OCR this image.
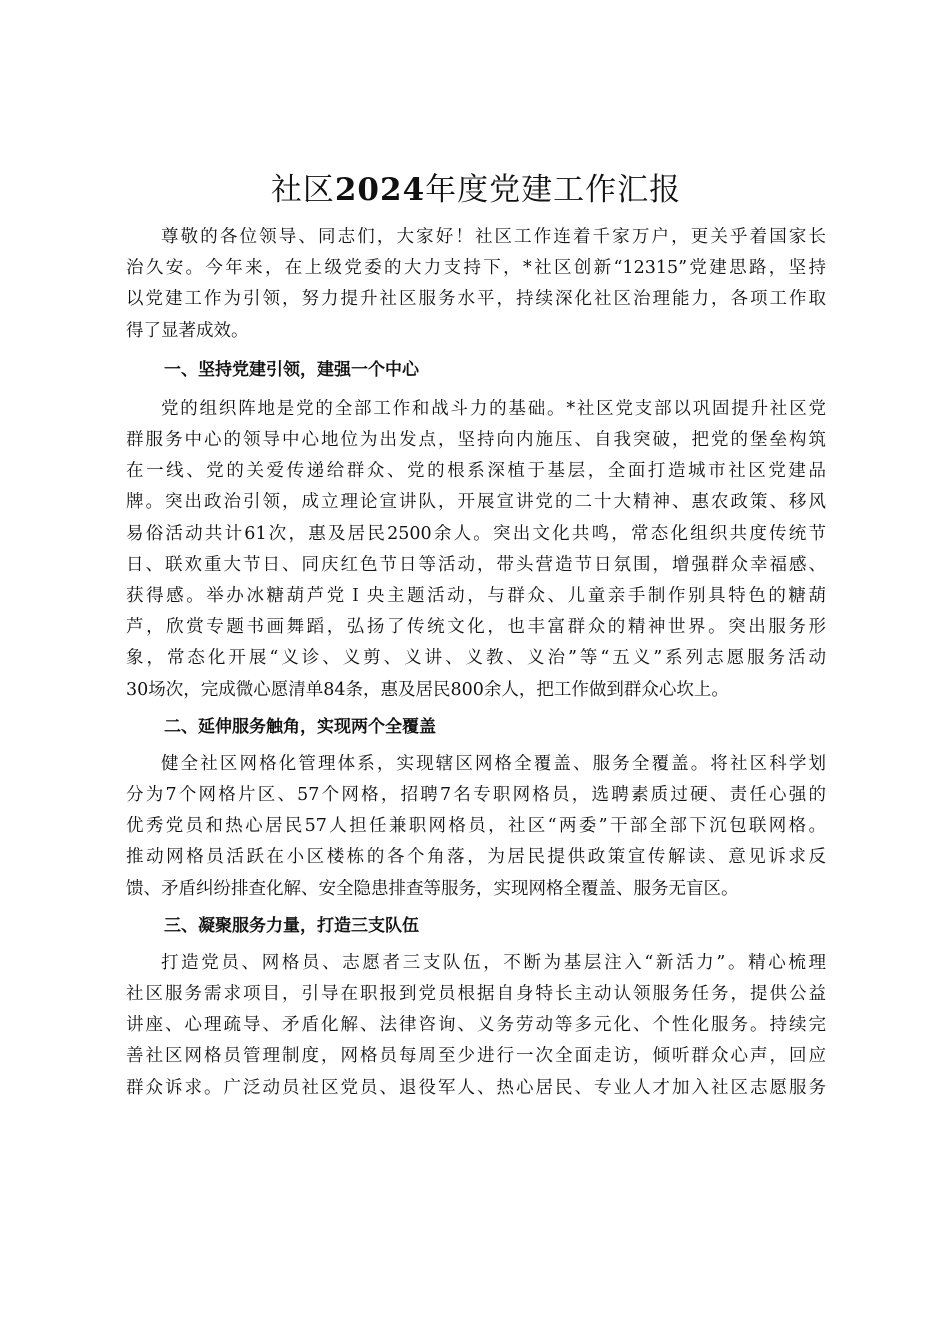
社区2024年度党建工作汇报

尊敬的各位领导、同志们，大家好！社区工作连着千家万户，更关乎着国家长
治久安。今年来，在上级党委的大力支持下，*社区创新“12315”党建思路，坚持
以党建工作为引领，努力提升社区服务水平，持续深化社区治理能力，各项工作取
得了显著成效。

一、坚持党建引领，建强一个中心

党的组织阵地是党的全部工作和战斗力的基础。*社区党支部以巩固提升社区党
群服务中心的领导中心地位为出发点，坚持向内施压、自我突破，把党的堡垒构筑
在一线、党的关爱传递给群众、党的根系深植于基层，全面打造城市社区党建品
牌。突出政治引领，成立理论宣讲队，开展宣讲党的二十大精神、惠农政策、移风
易俗活动共计61次，惠及居民2500余人。突出文化共鸣，常态化组织共度传统节
日、联欢重大节日、同庆红色节日等活动，带头营造节日氛围，增强群众幸福感、
获得感。举办冰糖葫芦党Ｉ央主题活动，与群众、儿童亲手制作别具特色的糖葫
芦，欣赏专题书画舞蹈，弘扬了传统文化，也丰富群众的精神世界。突出服务形
象，常态化开展“义诊、义剪、义讲、义教、义治”等“五义”系列志愿服务活动
30场次，完成微心愿清单84条，惠及居民800余人，把工作做到群众心坎上。

二、延伸服务触角，实现两个全覆盖

健全社区网格化管理体系，实现辖区网格全覆盖、服务全覆盖。将社区科学划
分为7个网格片区、57个网格，招聘7名专职网格员，选聘素质过硬、责任心强的
优秀党员和热心居民57人担任兼职网格员，社区“两委”干部全部下沉包联网格。
推动网格员活跃在小区楼栋的各个角落，为居民提供政策宣传解读、意见诉求反
馈、矛盾纠纷排查化解、安全隐患排查等服务，实现网格全覆盖、服务无盲区。

三、凝聚服务力量，打造三支队伍

打造党员、网格员、志愿者三支队伍，不断为基层注入“新活力”。精心梳理
社区服务需求项目，引导在职报到党员根据自身特长主动认领服务任务，提供公益
讲座、心理疏导、矛盾化解、法律咨询、义务劳动等多元化、个性化服务。持续完
善社区网格员管理制度，网格员每周至少进行一次全面走访，倾听群众心声，回应
群众诉求。广泛动员社区党员、退役军人、热心居民、专业人才加入社区志愿服务
